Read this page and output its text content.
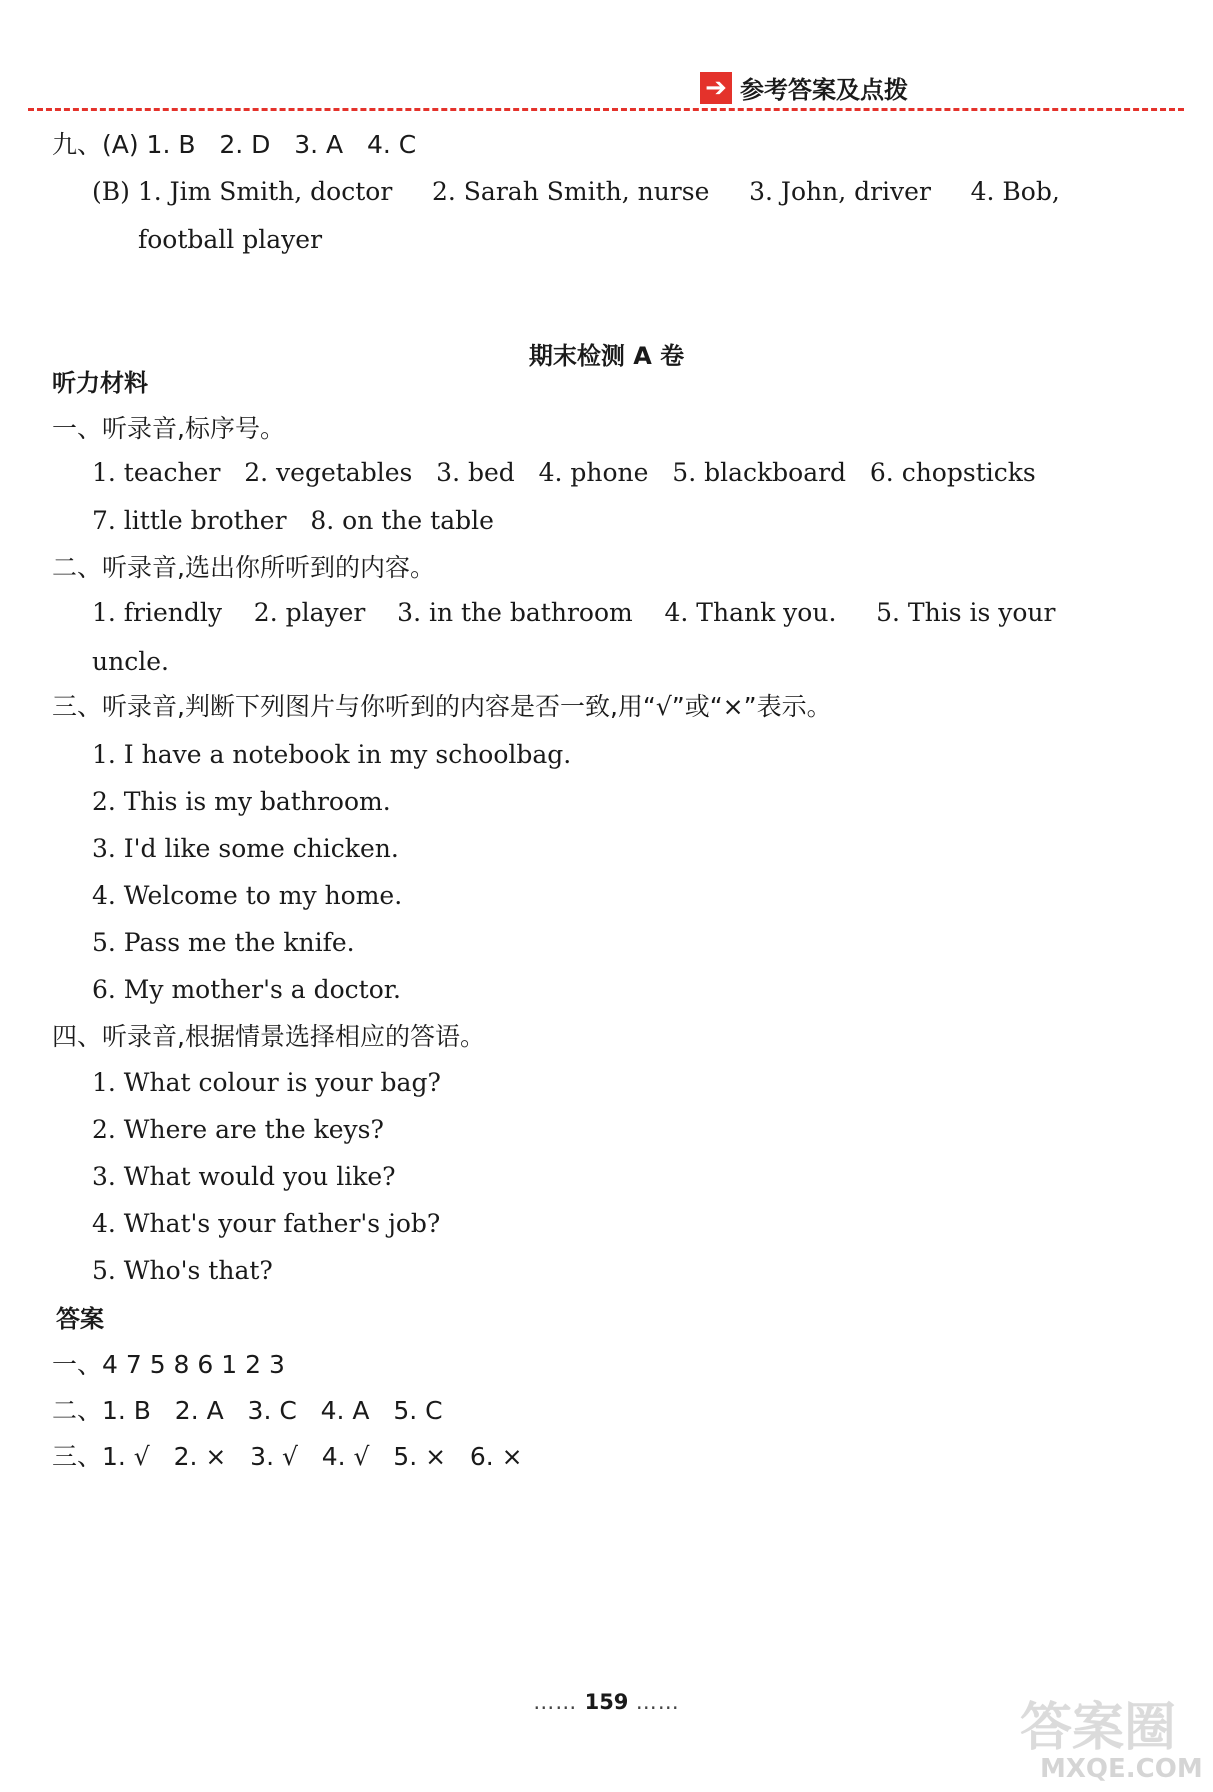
➔ 参考答案及点拨
九、(A) 1. B   2. D   3. A   4. C
(B) 1. Jim Smith, doctor     2. Sarah Smith, nurse     3. John, driver     4. Bob,
football player
期末检测 A 卷
听力材料
一、听录音,标序号。
1. teacher   2. vegetables   3. bed   4. phone   5. blackboard   6. chopsticks
7. little brother   8. on the table
二、听录音,选出你所听到的内容。
1. friendly    2. player    3. in the bathroom    4. Thank you.     5. This is your
uncle.
三、听录音,判断下列图片与你听到的内容是否一致,用“√”或“×”表示。
1. I have a notebook in my schoolbag.
2. This is my bathroom.
3. I'd like some chicken.
4. Welcome to my home.
5. Pass me the knife.
6. My mother's a doctor.
四、听录音,根据情景选择相应的答语。
1. What colour is your bag?
2. Where are the keys?
3. What would you like?
4. What's your father's job?
5. Who's that?
答案
一、4 7 5 8 6 1 2 3
二、1. B   2. A   3. C   4. A   5. C
三、1. √   2. ×   3. √   4. √   5. ×   6. ×
…… 159 ……	答案圈
MXQE.COM
